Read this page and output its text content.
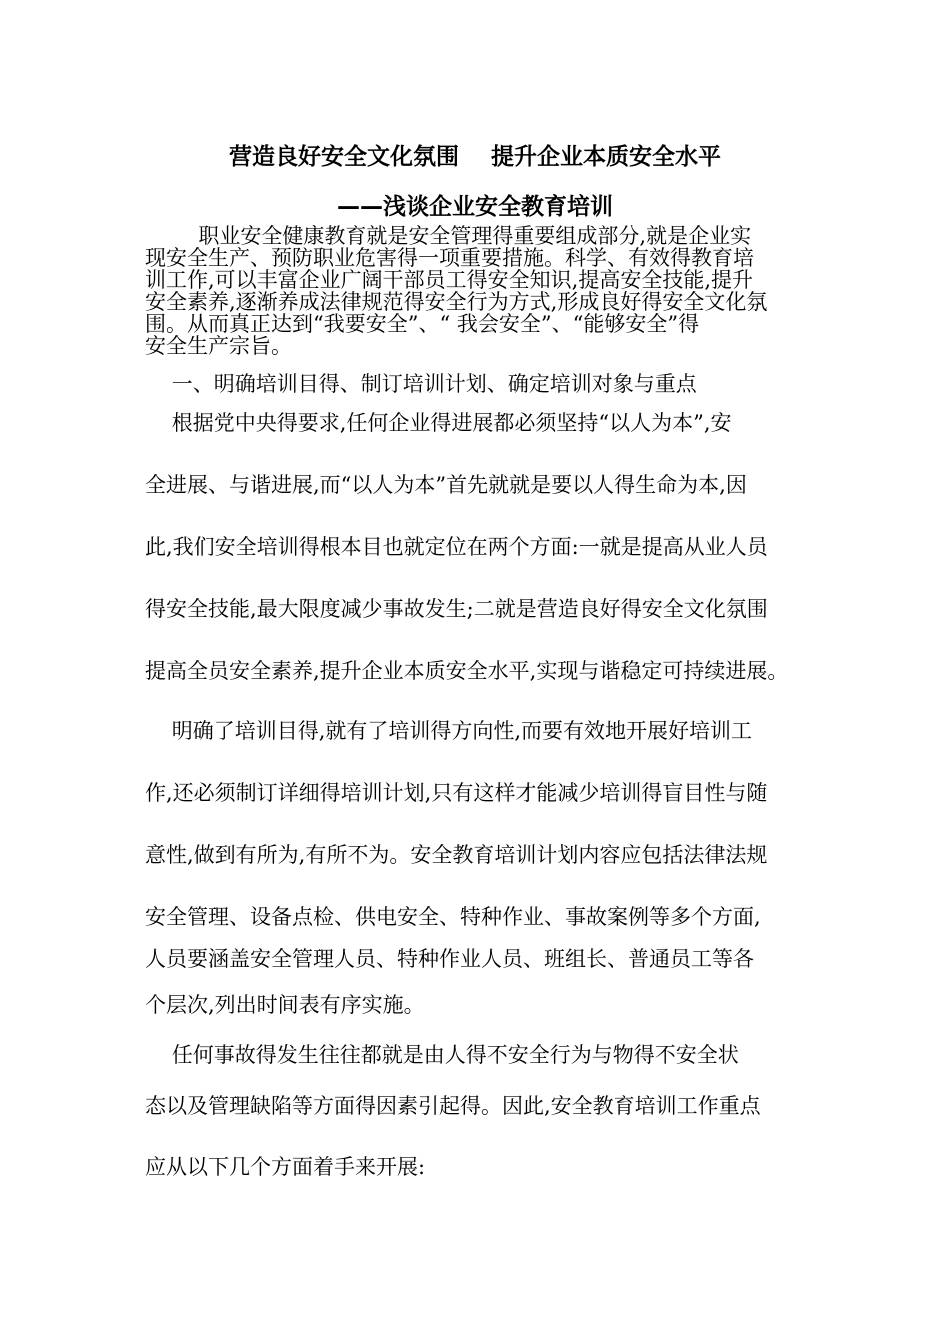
营造良好安全文化氛围    提升企业本质安全水平
——浅谈企业安全教育培训
职业安全健康教育就是安全管理得重要组成部分,就是企业实
现安全生产、预防职业危害得一项重要措施。科学、有效得教育培
训工作,可以丰富企业广阔干部员工得安全知识,提高安全技能,提升
安全素养,逐渐养成法律规范得安全行为方式,形成良好得安全文化氛
围。从而真正达到“我要安全”、“ 我会安全”、“能够安全”得
安全生产宗旨。
一、明确培训目得、制订培训计划、确定培训对象与重点
根据党中央得要求,任何企业得进展都必须坚持“以人为本”,安
全进展、与谐进展,而“以人为本”首先就就是要以人得生命为本,因
此,我们安全培训得根本目也就定位在两个方面:一就是提高从业人员
得安全技能,最大限度减少事故发生;二就是营造良好得安全文化氛围
提高全员安全素养,提升企业本质安全水平,实现与谐稳定可持续进展。
明确了培训目得,就有了培训得方向性,而要有效地开展好培训工
作,还必须制订详细得培训计划,只有这样才能减少培训得盲目性与随
意性,做到有所为,有所不为。安全教育培训计划内容应包括法律法规
安全管理、设备点检、供电安全、特种作业、事故案例等多个方面,
人员要涵盖安全管理人员、特种作业人员、班组长、普通员工等各
个层次,列出时间表有序实施。
任何事故得发生往往都就是由人得不安全行为与物得不安全状
态以及管理缺陷等方面得因素引起得。因此,安全教育培训工作重点
应从以下几个方面着手来开展:
